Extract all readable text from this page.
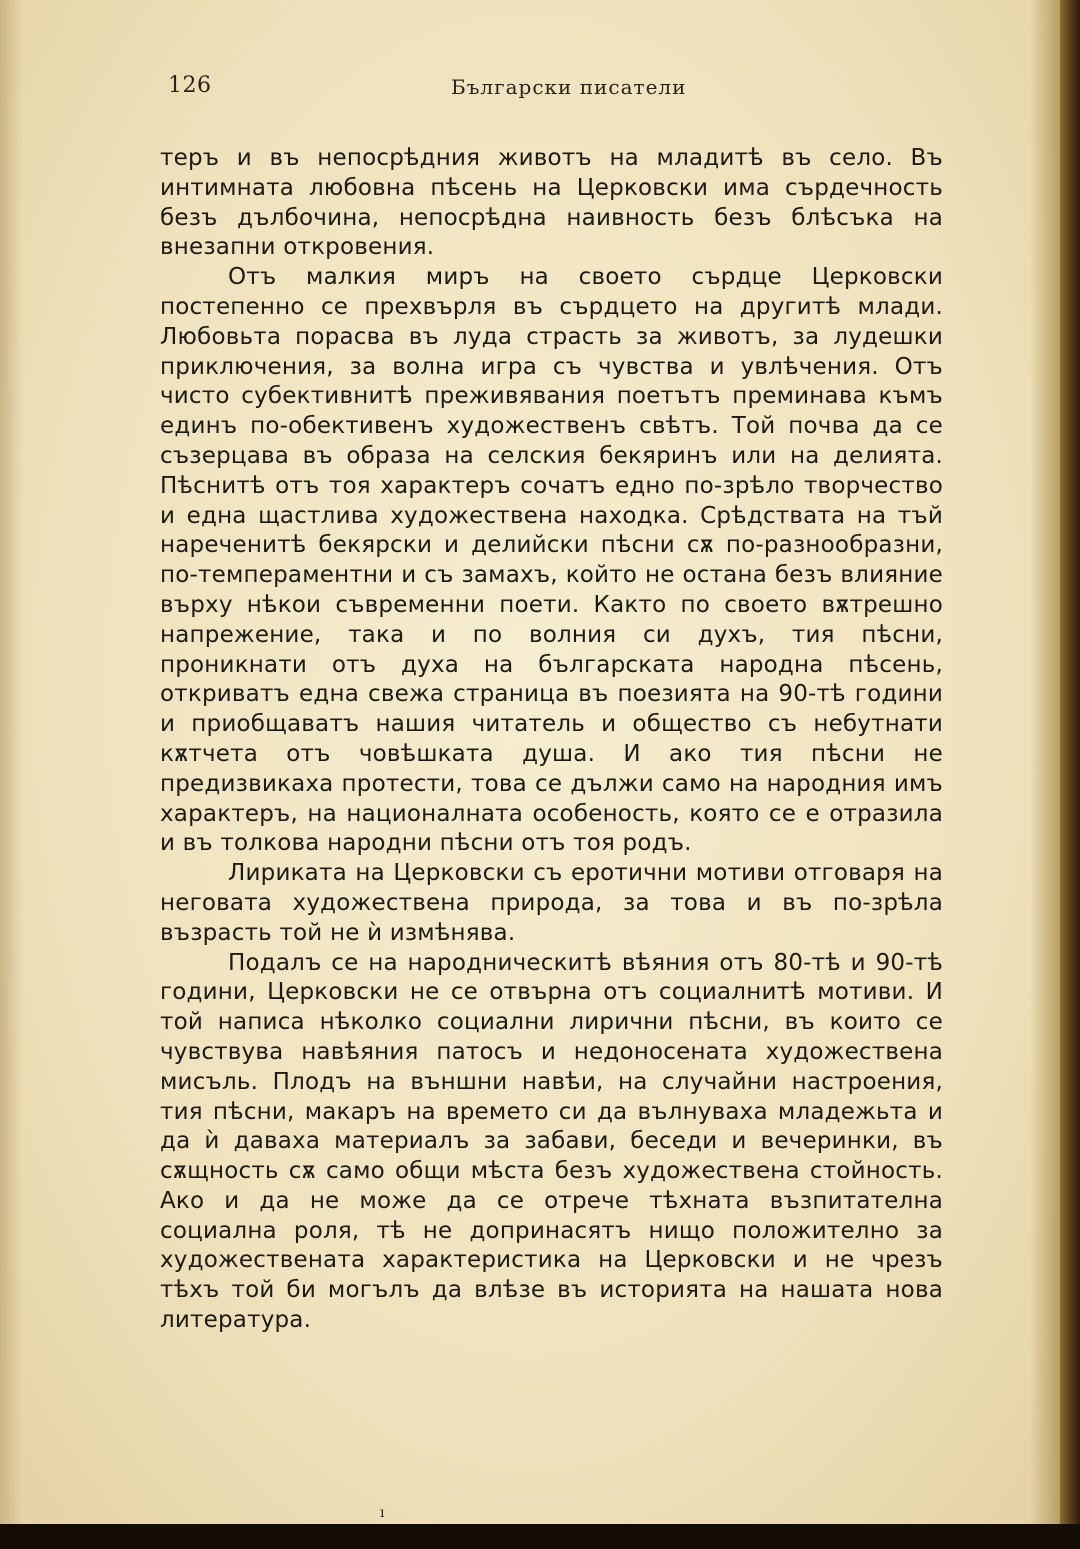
126	Български писатели

теръ и въ непосрѣдния животъ на младитѣ въ село. Въ интимната любовна пѣсень на Церковски има сърдечность безъ дълбочина, непосрѣдна наивность безъ блѣсъка на внезапни откровения.

Отъ малкия миръ на своето сърдце Церковски постепенно се прехвърля въ сърдцето на другитѣ млади. Любовьта порасва въ луда страсть за животъ, за лудешки приключения, за волна игра съ чувства и увлѣчения. Отъ чисто субективнитѣ преживявания поетътъ преминава къмъ единъ по-обективенъ художественъ свѣтъ. Той почва да се съзерцава въ образа на селския бекяринъ или на делията. Пѣснитѣ отъ тоя характеръ сочатъ едно по-зрѣло творчество и една щастлива художествена находка. Срѣдствата на тъй нареченитѣ бекярски и делийски пѣсни сѫ по-разнообразни, по-темпераментни и съ замахъ, който не остана безъ влияние върху нѣкои съвременни поети. Както по своето вѫтрешно напрежение, така и по волния си духъ, тия пѣсни, проникнати отъ духа на българската народна пѣсень, откриватъ една свежа страница въ поезията на 90-тѣ години и приобщаватъ нашия читатель и общество съ небутнати кѫтчета отъ човѣшката душа. И ако тия пѣсни не предизвикаха протести, това се дължи само на народния имъ характеръ, на националната особеность, която се е отразила и въ толкова народни пѣсни отъ тоя родъ.

Лириката на Церковски съ еротични мотиви отговаря на неговата художествена природа, за това и въ по-зрѣла възрасть той не ѝ измѣнява.

Подалъ се на народническитѣ вѣяния отъ 80-тѣ и 90-тѣ години, Церковски не се отвърна отъ социалнитѣ мотиви. И той написа нѣколко социални лирични пѣсни, въ които се чувствува навѣяния патосъ и недоносената художествена мисъль. Плодъ на външни навѣи, на случайни настроения, тия пѣсни, макаръ на времето си да вълнуваха младежьта и да ѝ даваха материалъ за забави, беседи и вечеринки, въ сѫщность сѫ само общи мѣста безъ художествена стойность. Ако и да не може да се отрече тѣхната възпитателна социална роля, тѣ не допринасятъ нищо положително за художествената характеристика на Церковски и не чрезъ тѣхъ той би могълъ да влѣзе въ историята на нашата нова литература.

ı
